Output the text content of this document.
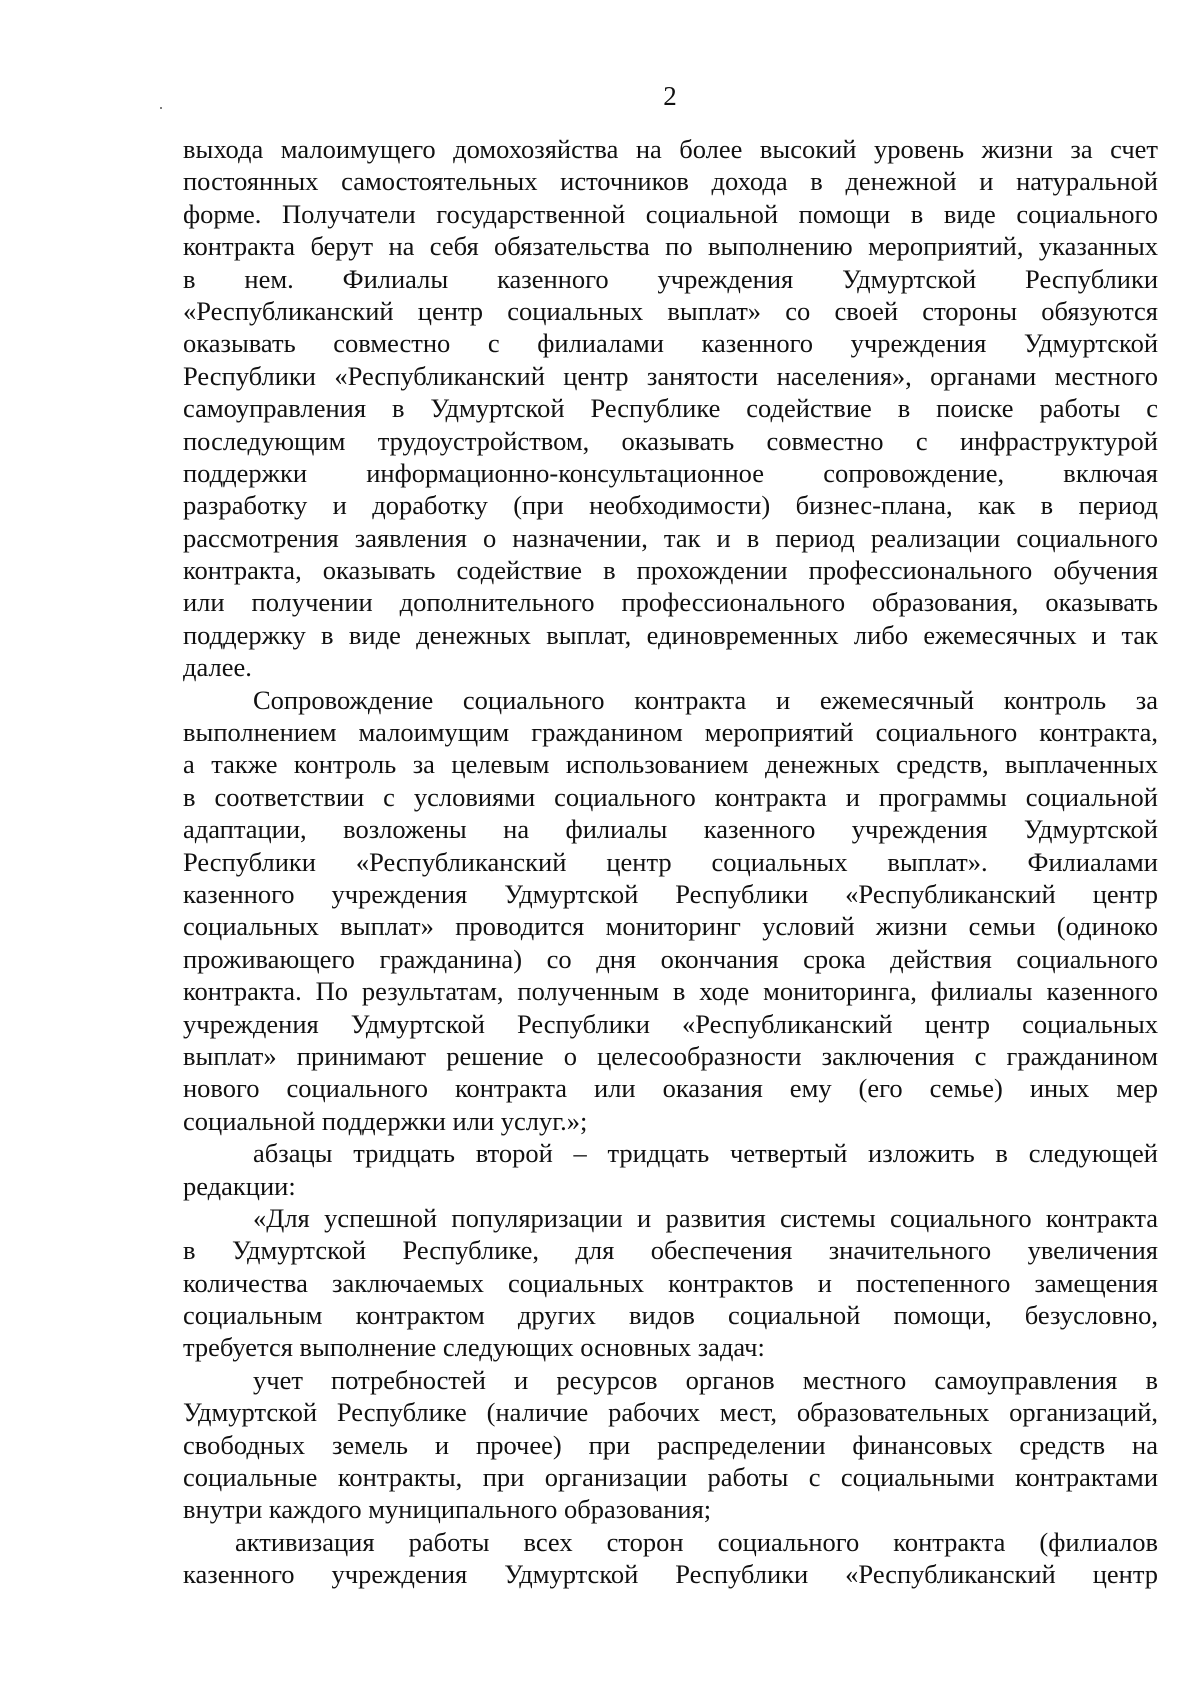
2

выхода малоимущего домохозяйства на более высокий уровень жизни за счет
постоянных самостоятельных источников дохода в денежной и натуральной
форме. Получатели государственной социальной помощи в виде социального
контракта берут на себя обязательства по выполнению мероприятий, указанных
в нем. Филиалы казенного учреждения Удмуртской Республики
«Республиканский центр социальных выплат» со своей стороны обязуются
оказывать совместно с филиалами казенного учреждения Удмуртской
Республики «Республиканский центр занятости населения», органами местного
самоуправления в Удмуртской Республике содействие в поиске работы с
последующим трудоустройством, оказывать совместно с инфраструктурой
поддержки информационно-консультационное сопровождение, включая
разработку и доработку (при необходимости) бизнес-плана, как в период
рассмотрения заявления о назначении, так и в период реализации социального
контракта, оказывать содействие в прохождении профессионального обучения
или получении дополнительного профессионального образования, оказывать
поддержку в виде денежных выплат, единовременных либо ежемесячных и так
далее.

Сопровождение социального контракта и ежемесячный контроль за
выполнением малоимущим гражданином мероприятий социального контракта,
а также контроль за целевым использованием денежных средств, выплаченных
в соответствии с условиями социального контракта и программы социальной
адаптации, возложены на филиалы казенного учреждения Удмуртской
Республики «Республиканский центр социальных выплат». Филиалами
казенного учреждения Удмуртской Республики «Республиканский центр
социальных выплат» проводится мониторинг условий жизни семьи (одиноко
проживающего гражданина) со дня окончания срока действия социального
контракта. По результатам, полученным в ходе мониторинга, филиалы казенного
учреждения Удмуртской Республики «Республиканский центр социальных
выплат» принимают решение о целесообразности заключения с гражданином
нового социального контракта или оказания ему (его семье) иных мер
социальной поддержки или услуг.»;

абзацы тридцать второй – тридцать четвертый изложить в следующей
редакции:

«Для успешной популяризации и развития системы социального контракта
в Удмуртской Республике, для обеспечения значительного увеличения
количества заключаемых социальных контрактов и постепенного замещения
социальным контрактом других видов социальной помощи, безусловно,
требуется выполнение следующих основных задач:

учет потребностей и ресурсов органов местного самоуправления в
Удмуртской Республике (наличие рабочих мест, образовательных организаций,
свободных земель и прочее) при распределении финансовых средств на
социальные контракты, при организации работы с социальными контрактами
внутри каждого муниципального образования;

активизация работы всех сторон социального контракта (филиалов
казенного учреждения Удмуртской Республики «Республиканский центр
